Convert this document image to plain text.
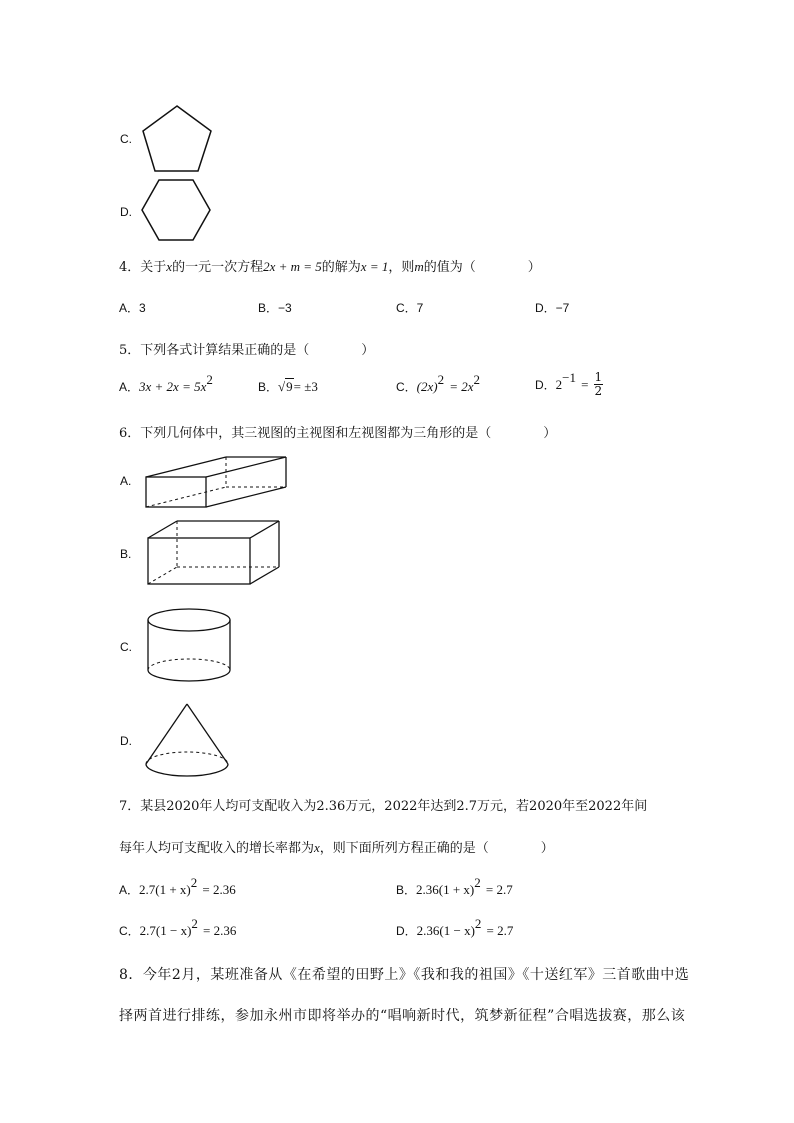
C.
D.
4．关于x的一元一次方程2x + m = 5的解为x = 1，则m的值为（　　　　）
A．3	B．−3	C．7	D．−7
5．下列各式计算结果正确的是（　　　　）
A．$3x + 2x = 5x^2$	B．√9= ±3	C．$(2x)^2 = 2x^2$	D．$2^{-1} = \frac{1}{2}$
6．下列几何体中，其三视图的主视图和左视图都为三角形的是（　　　　）
A.
B.
C.
D.
7．某县2020年人均可支配收入为2.36万元，2022年达到2.7万元，若2020年至2022年间
每年人均可支配收入的增长率都为x，则下面所列方程正确的是（　　　　）
A．$2.7(1 + x)^2 = 2.36$	B．$2.36(1 + x)^2 = 2.7$
C．$2.7(1 - x)^2 = 2.36$	D．$2.36(1 - x)^2 = 2.7$
8．今年2月，某班准备从《在希望的田野上》《我和我的祖国》《十送红军》三首歌曲中选
择两首进行排练，参加永州市即将举办的“唱响新时代，筑梦新征程”合唱选拔赛，那么该
